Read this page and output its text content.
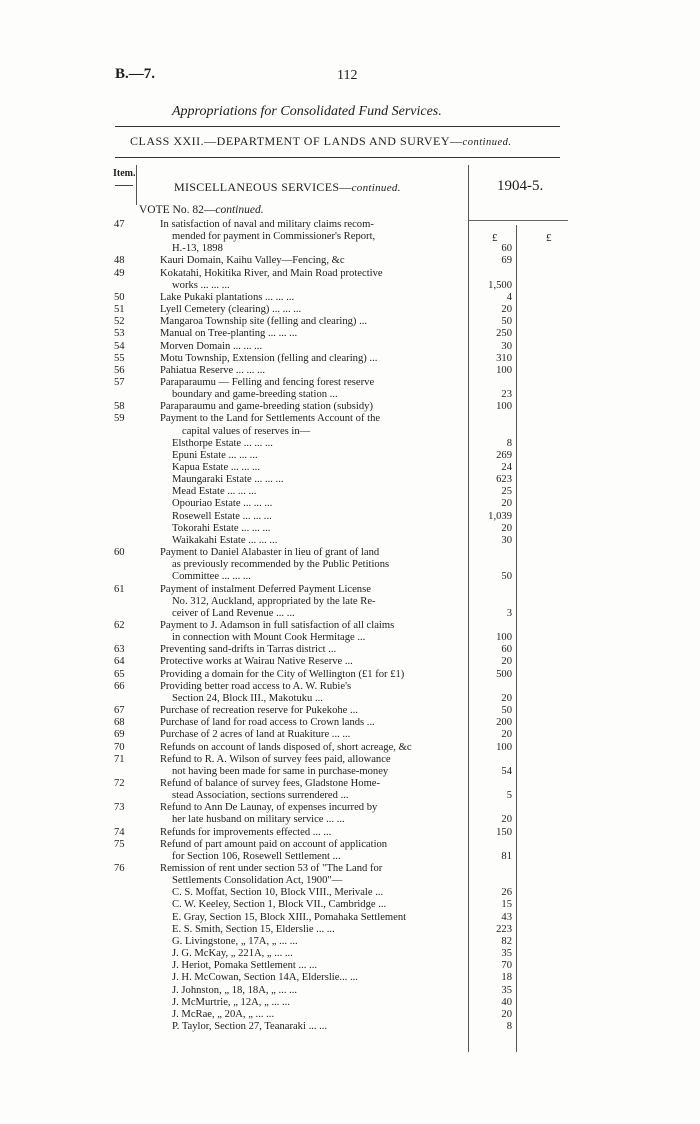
B.—7.	112
Appropriations for Consolidated Fund Services.
CLASS XXII.—DEPARTMENT OF LANDS AND SURVEY—continued.
Item.
MISCELLANEOUS SERVICES—continued.	1904-5.
VOTE No. 82—continued.
£	£
47	In satisfaction of naval and military claims recom-
mended for payment in Commissioner's Report,
H.-13, 1898	60
48	Kauri Domain, Kaihu Valley—Fencing, &c	69
49	Kokatahi, Hokitika River, and Main Road protective
works ... ... ...	1,500
50	Lake Pukaki plantations ... ... ...	4
51	Lyell Cemetery (clearing) ... ... ...	20
52	Mangaroa Township site (felling and clearing) ...	50
53	Manual on Tree-planting ... ... ...	250
54	Morven Domain ... ... ...	30
55	Motu Township, Extension (felling and clearing) ...	310
56	Pahiatua Reserve ... ... ...	100
57	Paraparaumu — Felling and fencing forest reserve
boundary and game-breeding station ...	23
58	Paraparaumu and game-breeding station (subsidy)	100
59	Payment to the Land for Settlements Account of the
capital values of reserves in—
Elsthorpe Estate ... ... ...	8
Epuni Estate ... ... ...	269
Kapua Estate ... ... ...	24
Maungaraki Estate ... ... ...	623
Mead Estate ... ... ...	25
Opouriao Estate ... ... ...	20
Rosewell Estate ... ... ...	1,039
Tokorahi Estate ... ... ...	20
Waikakahi Estate ... ... ...	30
60	Payment to Daniel Alabaster in lieu of grant of land
as previously recommended by the Public Petitions
Committee ... ... ...	50
61	Payment of instalment Deferred Payment License
No. 312, Auckland, appropriated by the late Re-
ceiver of Land Revenue ... ...	3
62	Payment to J. Adamson in full satisfaction of all claims
in connection with Mount Cook Hermitage ...	100
63	Preventing sand-drifts in Tarras district ...	60
64	Protective works at Wairau Native Reserve ...	20
65	Providing a domain for the City of Wellington (£1 for £1)	500
66	Providing better road access to A. W. Rubie's
Section 24, Block III., Makotuku ...	20
67	Purchase of recreation reserve for Pukekohe ...	50
68	Purchase of land for road access to Crown lands ...	200
69	Purchase of 2 acres of land at Ruakiture ... ...	20
70	Refunds on account of lands disposed of, short acreage, &c	100
71	Refund to R. A. Wilson of survey fees paid, allowance
not having been made for same in purchase-money	54
72	Refund of balance of survey fees, Gladstone Home-
stead Association, sections surrendered ...	5
73	Refund to Ann De Launay, of expenses incurred by
her late husband on military service ... ...	20
74	Refunds for improvements effected ... ...	150
75	Refund of part amount paid on account of application
for Section 106, Rosewell Settlement ...	81
76	Remission of rent under section 53 of "The Land for
Settlements Consolidation Act, 1900"—
C. S. Moffat, Section 10, Block VIII., Merivale ...	26
C. W. Keeley, Section 1, Block VII., Cambridge ...	15
E. Gray, Section 15, Block XIII., Pomahaka Settlement	43
E. S. Smith, Section 15, Elderslie ... ...	223
G. Livingstone, „ 17A, „ ... ...	82
J. G. McKay, „ 221A, „ ... ...	35
J. Heriot, Pomaka Settlement ... ...	70
J. H. McCowan, Section 14A, Elderslie... ...	18
J. Johnston, „ 18, 18A, „ ... ...	35
J. McMurtrie, „ 12A, „ ... ...	40
J. McRae, „ 20A, „ ... ...	20
P. Taylor, Section 27, Teanaraki ... ...	8
